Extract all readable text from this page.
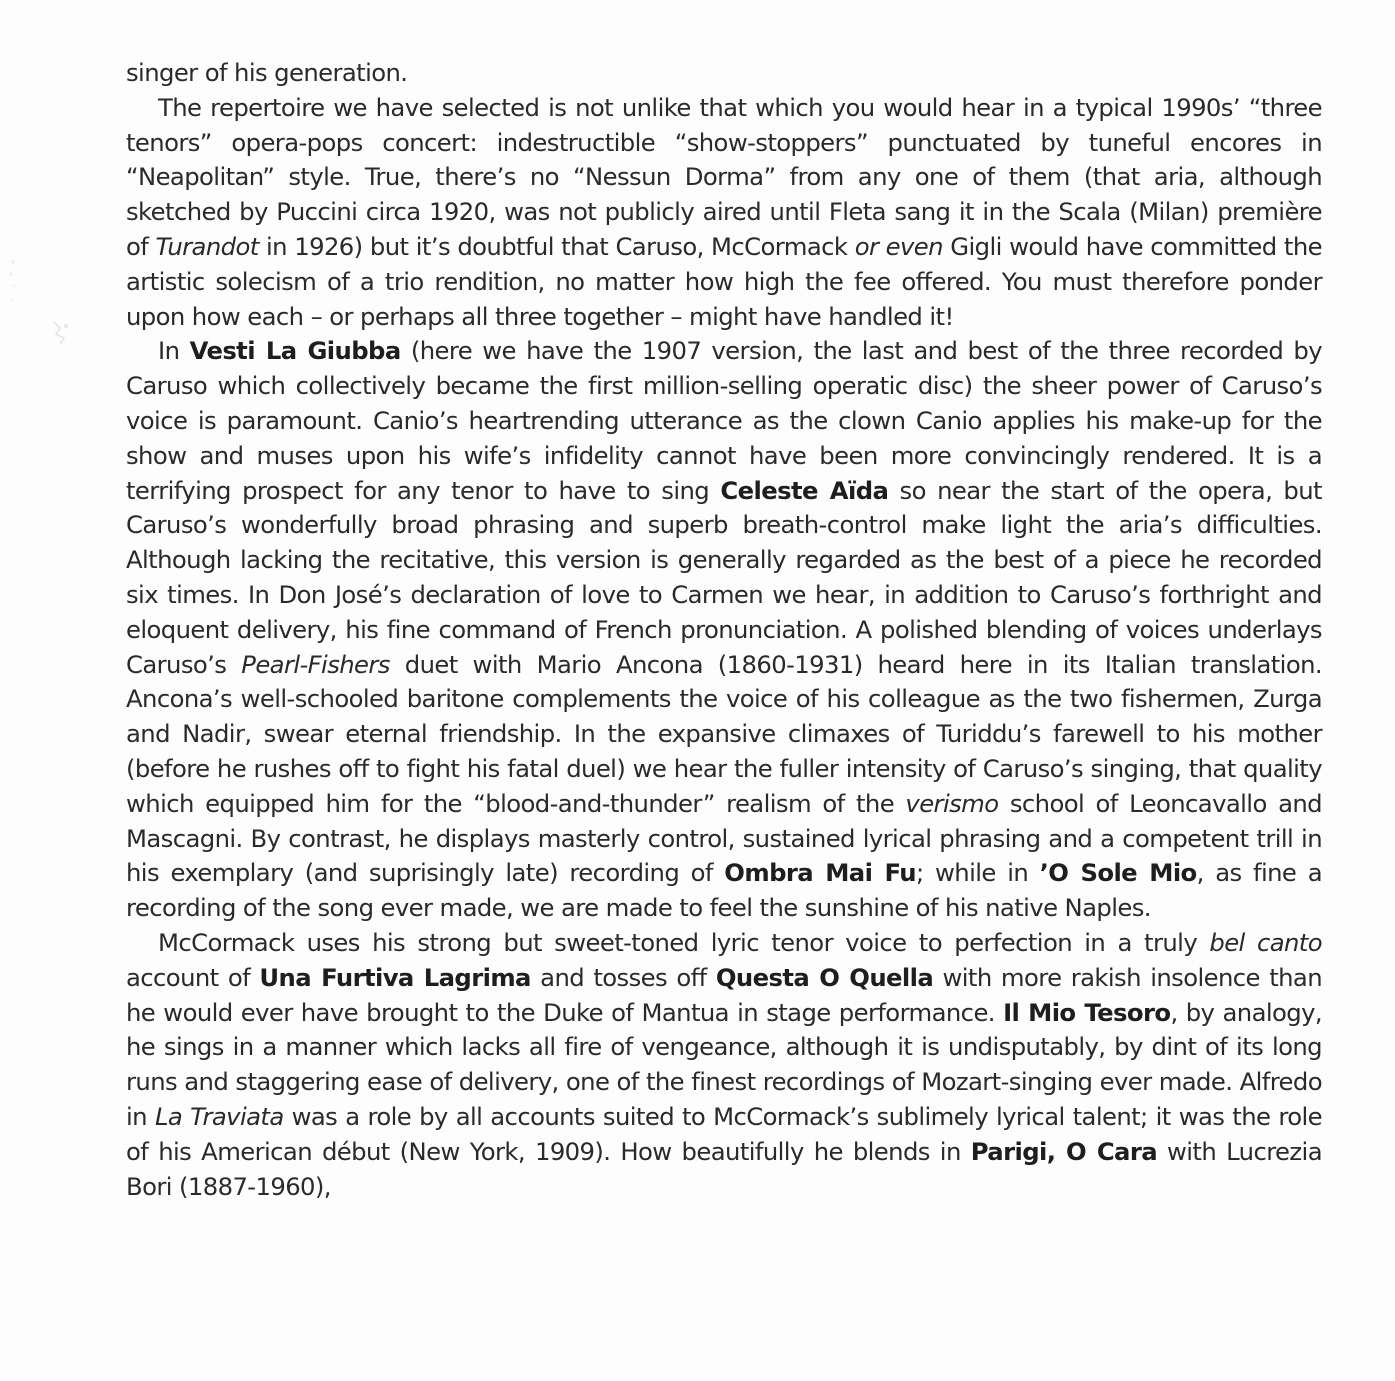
singer of his generation.

The repertoire we have selected is not unlike that which you would hear in a typical 1990s’ “three tenors” opera-pops concert: indestructible “show-stoppers” punctuated by tuneful encores in “Neapolitan” style. True, there’s no “Nessun Dorma” from any one of them (that aria, although sketched by Puccini circa 1920, was not publicly aired until Fleta sang it in the Scala (Milan) première of Turandot in 1926) but it’s doubtful that Caruso, McCormack or even Gigli would have committed the artistic solecism of a trio rendition, no matter how high the fee offered. You must therefore ponder upon how each – or perhaps all three together – might have handled it!

In Vesti La Giubba (here we have the 1907 version, the last and best of the three recorded by Caruso which collectively became the first million-selling operatic disc) the sheer power of Caruso’s voice is paramount. Canio’s heartrending utterance as the clown Canio applies his make-up for the show and muses upon his wife’s infidelity cannot have been more convincingly rendered. It is a terrifying prospect for any tenor to have to sing Celeste Aïda so near the start of the opera, but Caruso’s wonderfully broad phrasing and superb breath-control make light the aria’s difficulties. Although lacking the recitative, this version is generally regarded as the best of a piece he recorded six times. In Don José’s declaration of love to Carmen we hear, in addition to Caruso’s forthright and eloquent delivery, his fine command of French pronunciation. A polished blending of voices underlays Caruso’s Pearl-Fishers duet with Mario Ancona (1860-1931) heard here in its Italian translation. Ancona’s well-schooled baritone complements the voice of his colleague as the two fishermen, Zurga and Nadir, swear eternal friendship. In the expansive climaxes of Turiddu’s farewell to his mother (before he rushes off to fight his fatal duel) we hear the fuller intensity of Caruso’s singing, that quality which equipped him for the “blood-and-thunder” realism of the verismo school of Leoncavallo and Mascagni. By contrast, he displays masterly control, sustained lyrical phrasing and a competent trill in his exemplary (and suprisingly late) recording of Ombra Mai Fu; while in ’O Sole Mio, as fine a recording of the song ever made, we are made to feel the sunshine of his native Naples.

McCormack uses his strong but sweet-toned lyric tenor voice to perfection in a truly bel canto account of Una Furtiva Lagrima and tosses off Questa O Quella with more rakish insolence than he would ever have brought to the Duke of Mantua in stage performance. Il Mio Tesoro, by analogy, he sings in a manner which lacks all fire of vengeance, although it is undisputably, by dint of its long runs and staggering ease of delivery, one of the finest recordings of Mozart-singing ever made. Alfredo in La Traviata was a role by all accounts suited to McCormack’s sublimely lyrical talent; it was the role of his American début (New York, 1909). How beautifully he blends in Parigi, O Cara with Lucrezia Bori (1887-1960),
